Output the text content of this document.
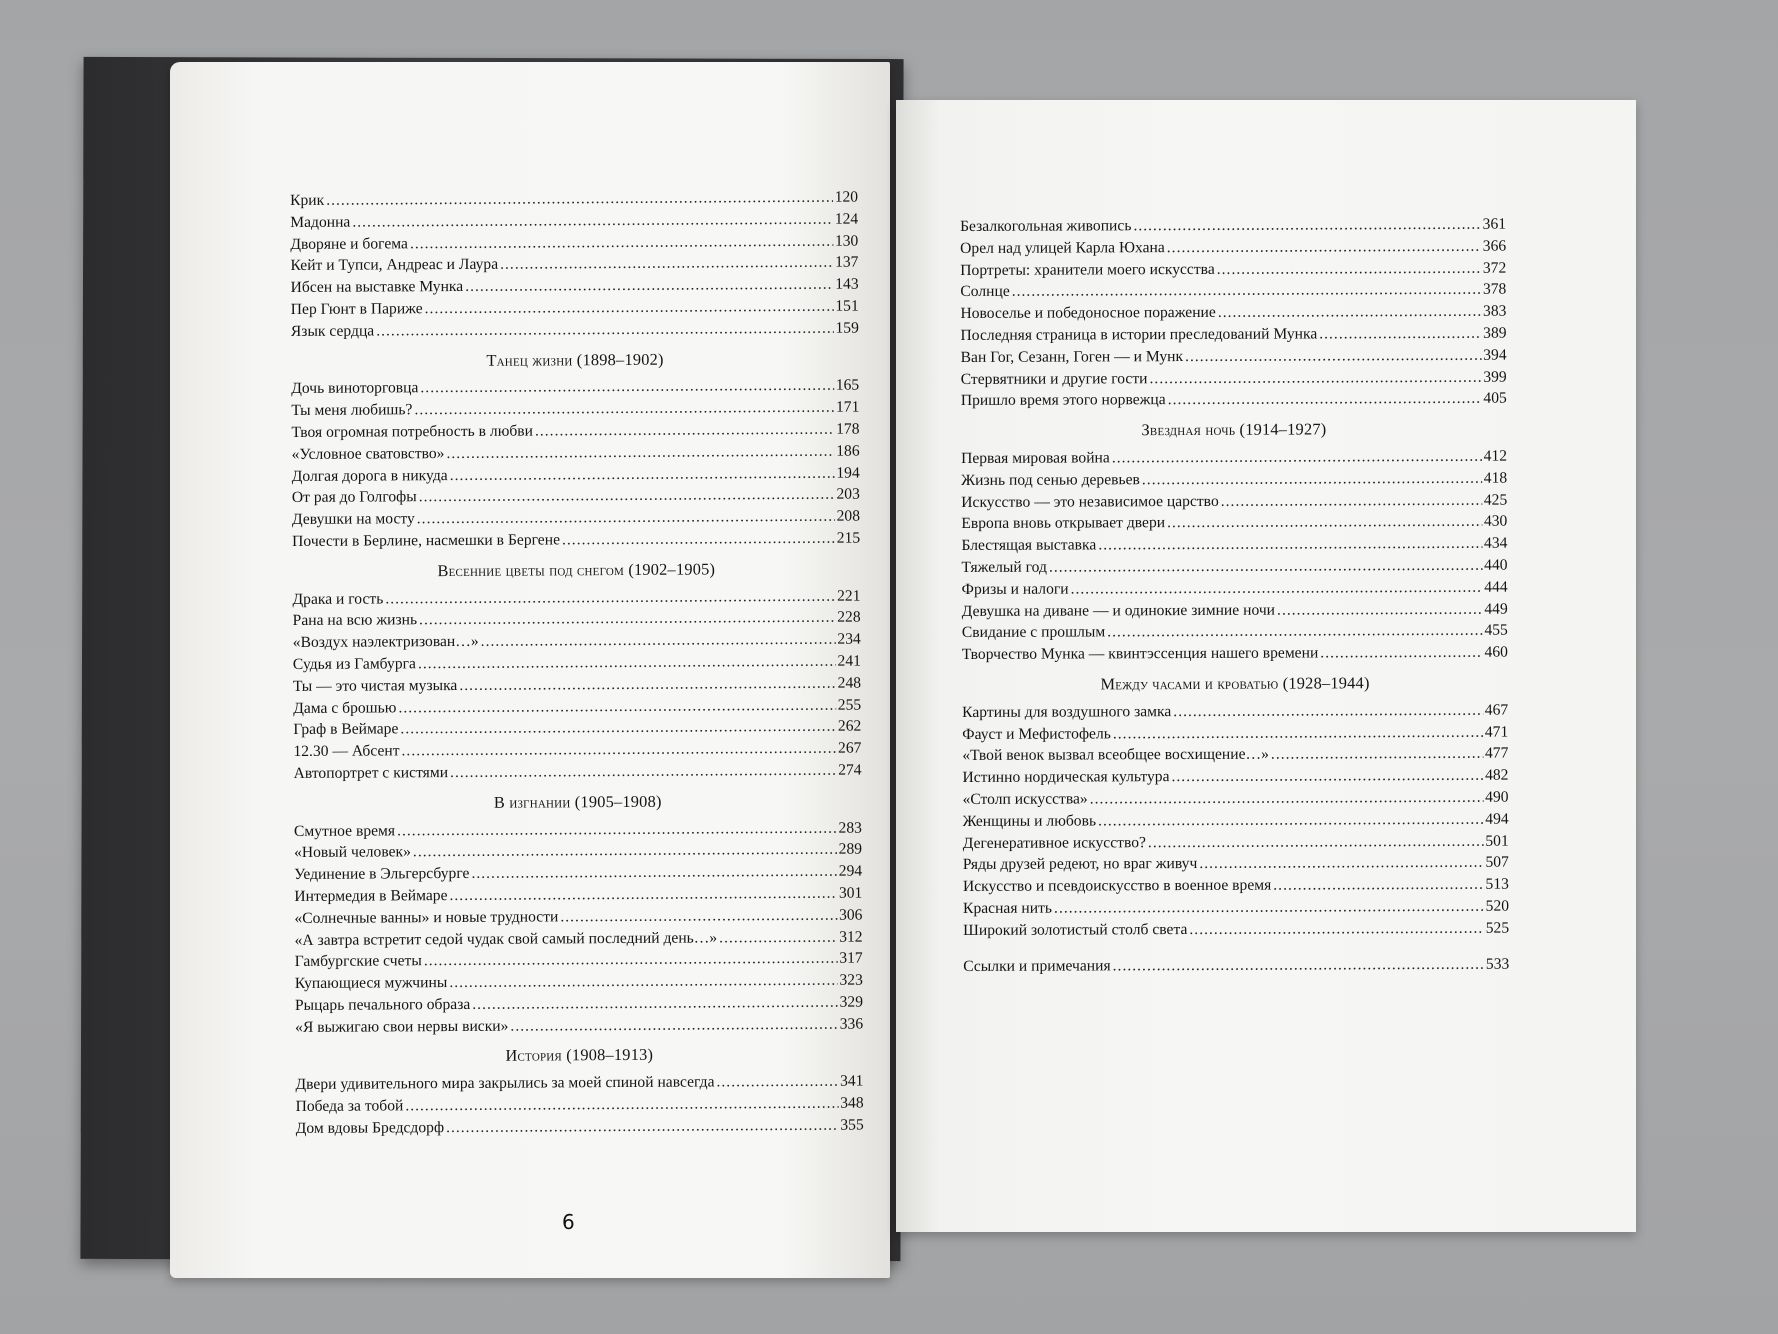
Крик .....	120
Мадонна .....	124
Дворяне и богема .....	130
Кейт и Тупси, Андреас и Лаура .....	137
Ибсен на выставке Мунка .....	143
Пер Гюнт в Париже .....	151
Язык сердца .....	159
Танец жизни (1898–1902)
Дочь виноторговца .....	165
Ты меня любишь? .....	171
Твоя огромная потребность в любви .....	178
«Условное сватовство» .....	186
Долгая дорога в никуда .....	194
От рая до Голгофы .....	203
Девушки на мосту .....	208
Почести в Берлине, насмешки в Бергене .....	215
Весенние цветы под снегом (1902–1905)
Драка и гость .....	221
Рана на всю жизнь .....	228
«Воздух наэлектризован…» .....	234
Судья из Гамбурга .....	241
Ты — это чистая музыка .....	248
Дама с брошью .....	255
Граф в Веймаре .....	262
12.30 — Абсент .....	267
Автопортрет с кистями .....	274
В изгнании (1905–1908)
Смутное время .....	283
«Новый человек» .....	289
Уединение в Эльгерсбурге .....	294
Интермедия в Веймаре .....	301
«Солнечные ванны» и новые трудности .....	306
«А завтра встретит седой чудак свой самый последний день…» .....	312
Гамбургские счеты .....	317
Купающиеся мужчины .....	323
Рыцарь печального образа .....	329
«Я выжигаю свои нервы виски» .....	336
История (1908–1913)
Двери удивительного мира закрылись за моей спиной навсегда .....	341
Победа за тобой .....	348
Дом вдовы Бредсдорф .....	355
6
Безалкогольная живопись .....	361
Орел над улицей Карла Юхана .....	366
Портреты: хранители моего искусства .....	372
Солнце .....	378
Новоселье и победоносное поражение .....	383
Последняя страница в истории преследований Мунка .....	389
Ван Гог, Сезанн, Гоген — и Мунк .....	394
Стервятники и другие гости .....	399
Пришло время этого норвежца .....	405
Звездная ночь (1914–1927)
Первая мировая война .....	412
Жизнь под сенью деревьев .....	418
Искусство — это независимое царство .....	425
Европа вновь открывает двери .....	430
Блестящая выставка .....	434
Тяжелый год .....	440
Фризы и налоги .....	444
Девушка на диване — и одинокие зимние ночи .....	449
Свидание с прошлым .....	455
Творчество Мунка — квинтэссенция нашего времени .....	460
Между часами и кроватью (1928–1944)
Картины для воздушного замка .....	467
Фауст и Мефистофель .....	471
«Твой венок вызвал всеобщее восхищение…» .....	477
Истинно нордическая культура .....	482
«Столп искусства» .....	490
Женщины и любовь .....	494
Дегенеративное искусство? .....	501
Ряды друзей редеют, но враг живуч .....	507
Искусство и псевдоискусство в военное время .....	513
Красная нить .....	520
Широкий золотистый столб света .....	525
Ссылки и примечания .....	533
